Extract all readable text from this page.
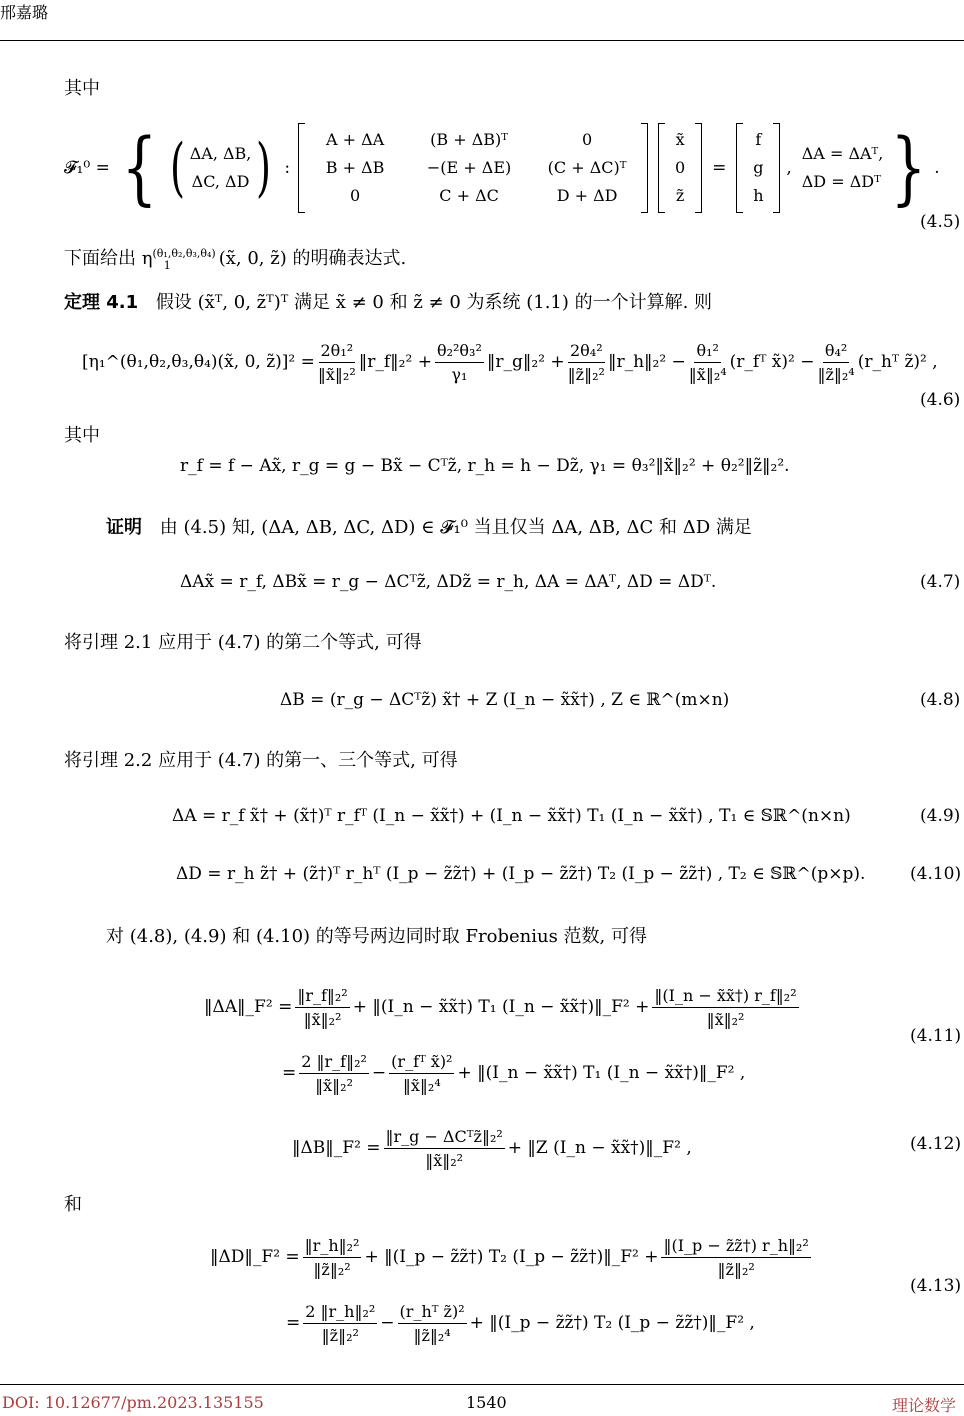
邢嘉璐
其中
𝓕₁⁰ = { ( ΔA, ΔB,
ΔC, ΔD ) :
A + ΔA	(B + ΔB)ᵀ	0
B + ΔB	−(E + ΔE)	(C + ΔC)ᵀ
0	C + ΔC	D + ΔD
x̃
0
z̃
=
f
g
h
,
ΔA = ΔAᵀ,
ΔD = ΔDᵀ } .
(4.5)
下面给出 $\eta^{(\theta_1,\theta_2,\theta_3,\theta_4)}_1$	(x̃, 0, z̃) 的明确表达式.
定理 4.1 假设 (x̃ᵀ, 0, z̃ᵀ)ᵀ 满足 x̃ ≠ 0 和 z̃ ≠ 0 为系统 (1.1) 的一个计算解. 则
[η₁^(θ₁,θ₂,θ₃,θ₄)(x̃, 0, z̃)]² = $\frac{\text{2θ₁²}}{\text{‖x̃‖₂²}}$ ‖r_f‖₂² + $\frac{\text{θ₂²θ₃²}}{\text{γ₁}}$ ‖r_g‖₂² + $\frac{\text{2θ₄²}}{\text{‖z̃‖₂²}}$ ‖r_h‖₂² − $\frac{\text{θ₁²}}{\text{‖x̃‖₂⁴}}$ (r_fᵀ x̃)² − $\frac{\text{θ₄²}}{\text{‖z̃‖₂⁴}}$ (r_hᵀ z̃)² ,
(4.6)
其中
r_f = f − Ax̃, r_g = g − Bx̃ − Cᵀz̃, r_h = h − Dz̃, γ₁ = θ₃²‖x̃‖₂² + θ₂²‖z̃‖₂².
证明 由 (4.5) 知, (ΔA, ΔB, ΔC, ΔD) ∈ 𝓕₁⁰ 当且仅当 ΔA, ΔB, ΔC 和 ΔD 满足
ΔAx̃ = r_f, ΔBx̃ = r_g − ΔCᵀz̃, ΔDz̃ = r_h, ΔA = ΔAᵀ, ΔD = ΔDᵀ.	(4.7)
将引理 2.1 应用于 (4.7) 的第二个等式, 可得
ΔB = (r_g − ΔCᵀz̃) x̃† + Z (I_n − x̃x̃†) , Z ∈ ℝ^(m×n)	(4.8)
将引理 2.2 应用于 (4.7) 的第一、三个等式, 可得
ΔA = r_f x̃† + (x̃†)ᵀ r_fᵀ (I_n − x̃x̃†) + (I_n − x̃x̃†) T₁ (I_n − x̃x̃†) , T₁ ∈ 𝕊ℝ^(n×n)	(4.9)
ΔD = r_h z̃† + (z̃†)ᵀ r_hᵀ (I_p − z̃z̃†) + (I_p − z̃z̃†) T₂ (I_p − z̃z̃†) , T₂ ∈ 𝕊ℝ^(p×p).	(4.10)
对 (4.8), (4.9) 和 (4.10) 的等号两边同时取 Frobenius 范数, 可得
‖ΔA‖_F² = $\frac{\text{‖r\_f‖₂²}}{\text{‖x̃‖₂²}}$ + ‖(I_n − x̃x̃†) T₁ (I_n − x̃x̃†)‖_F² + $\frac{\text{‖(I\_n − x̃x̃†) r\_f‖₂²}}{\text{‖x̃‖₂²}}$
= $\frac{\text{2 ‖r\_f‖₂²}}{\text{‖x̃‖₂²}} - \frac{\text{(r\_fᵀ x̃)²}}{\text{‖x̃‖₂⁴}}$ + ‖(I_n − x̃x̃†) T₁ (I_n − x̃x̃†)‖_F² ,
(4.11)
‖ΔB‖_F² = $\frac{\text{‖r\_g − ΔCᵀz̃‖₂²}}{\text{‖x̃‖₂²}}$ + ‖Z (I_n − x̃x̃†)‖_F² ,	(4.12)
和
‖ΔD‖_F² = $\frac{\text{‖r\_h‖₂²}}{\text{‖z̃‖₂²}}$ + ‖(I_p − z̃z̃†) T₂ (I_p − z̃z̃†)‖_F² + $\frac{\text{‖(I\_p − z̃z̃†) r\_h‖₂²}}{\text{‖z̃‖₂²}}$
= $\frac{\text{2 ‖r\_h‖₂²}}{\text{‖z̃‖₂²}} - \frac{\text{(r\_hᵀ z̃)²}}{\text{‖z̃‖₂⁴}}$ + ‖(I_p − z̃z̃†) T₂ (I_p − z̃z̃†)‖_F² ,
(4.13)
DOI: 10.12677/pm.2023.135155	1540	理论数学
